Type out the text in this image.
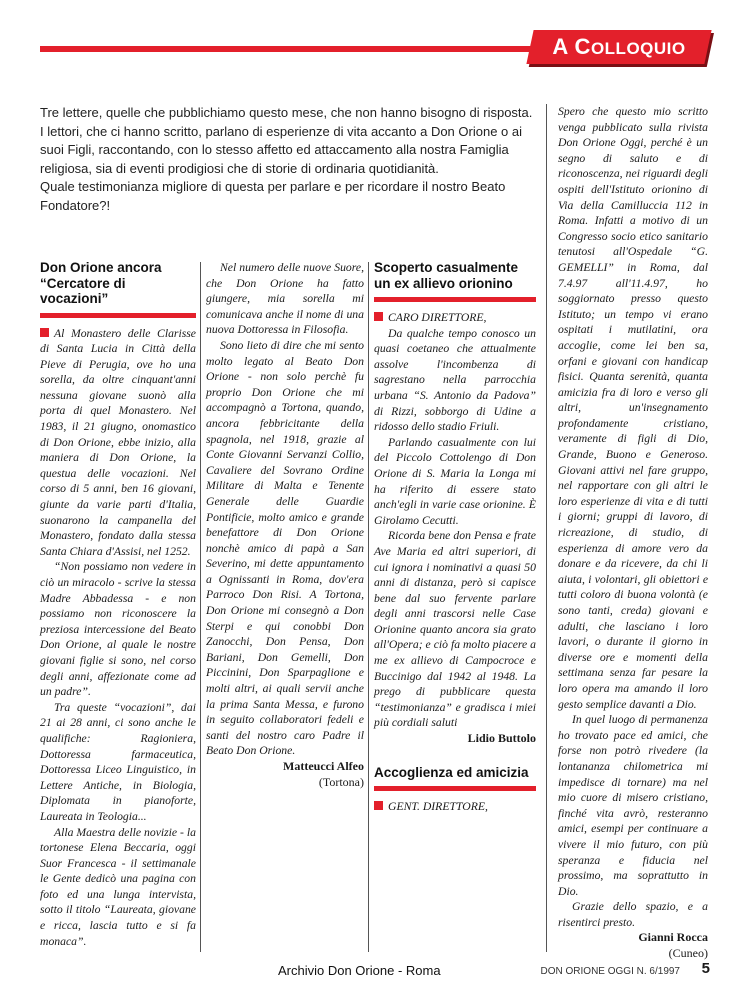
A COLLOQUIO

Tre lettere, quelle che pubblichiamo questo mese, che non hanno bisogno di risposta. I lettori, che ci hanno scritto, parlano di esperienze di vita accanto a Don Orione o ai suoi Figli, raccontando, con lo stesso affetto ed attaccamento alla nostra Famiglia religiosa, sia di eventi prodigiosi che di storie di ordinaria quotidianità.

Quale testimonianza migliore di questa per parlare e per ricordare il nostro Beato Fondatore?!

Don Orione ancora “Cercatore di vocazioni”

Al Monastero delle Clarisse di Santa Lucia in Città della Pieve di Perugia, ove ho una sorella, da oltre cinquant'anni nessuna giovane suonò alla porta di quel Monastero. Nel 1983, il 21 giugno, onomastico di Don Orione, ebbe inizio, alla maniera di Don Orione, la questua delle vocazioni. Nel corso di 5 anni, ben 16 giovani, giunte da varie parti d'Italia, suonarono la campanella del Monastero, fondato dalla stessa Santa Chiara d'Assisi, nel 1252.

“Non possiamo non vedere in ciò un miracolo - scrive la stessa Madre Abbadessa - e non possiamo non riconoscere la preziosa intercessione del Beato Don Orione, al quale le nostre giovani figlie si sono, nel corso degli anni, affezionate come ad un padre”.

Tra queste “vocazioni”, dai 21 ai 28 anni, ci sono anche le qualifiche: Ragioniera, Dottoressa farmaceutica, Dottoressa Liceo Linguistico, in Lettere Antiche, in Biologia, Diplomata in pianoforte, Laureata in Teologia...

Alla Maestra delle novizie - la tortonese Elena Beccaria, oggi Suor Francesca - il settimanale le Gente dedicò una pagina con foto ed una lunga intervista, sotto il titolo “Laureata, giovane e ricca, lascia tutto e si fa monaca”.

Nel numero delle nuove Suore, che Don Orione ha fatto giungere, mia sorella mi comunicava anche il nome di una nuova Dottoressa in Filosofia.

Sono lieto di dire che mi sento molto legato al Beato Don Orione - non solo perchè fu proprio Don Orione che mi accompagnò a Tortona, quando, ancora febbricitante della spagnola, nel 1918, grazie al Conte Giovanni Servanzi Collio, Cavaliere del Sovrano Ordine Militare di Malta e Tenente Generale delle Guardie Pontificie, molto amico e grande benefattore di Don Orione nonchè amico di papà a San Severino, mi dette appuntamento a Ognissanti in Roma, dov'era Parroco Don Risi. A Tortona, Don Orione mi consegnò a Don Sterpi e qui conobbi Don Zanocchi, Don Pensa, Don Bariani, Don Gemelli, Don Piccinini, Don Sparpaglione e molti altri, ai quali servii anche la prima Santa Messa, e furono in seguito collaboratori fedeli e santi del nostro caro Padre il Beato Don Orione.

Matteucci Alfeo
(Tortona)
Scoperto casualmente un ex allievo orionino

CARO DIRETTORE,

Da qualche tempo conosco un quasi coetaneo che attualmente assolve l'incombenza di sagrestano nella parrocchia urbana “S. Antonio da Padova” di Rizzi, sobborgo di Udine a ridosso dello stadio Friuli.

Parlando casualmente con lui del Piccolo Cottolengo di Don Orione di S. Maria la Longa mi ha riferito di essere stato anch'egli in varie case orionine. È Girolamo Cecutti.

Ricorda bene don Pensa e frate Ave Maria ed altri superiori, di cui ignora i nominativi a quasi 50 anni di distanza, però si capisce bene dal suo fervente parlare degli anni trascorsi nelle Case Orionine quanto ancora sia grato all'Opera; e ciò fa molto piacere a me ex allievo di Campocroce e Buccinigo dal 1942 al 1948. La prego di pubblicare questa “testimonianza” e gradisca i miei più cordiali saluti

Lidio Buttolo
Accoglienza ed amicizia

GENT. DIRETTORE,

Spero che questo mio scritto venga pubblicato sulla rivista Don Orione Oggi, perché è un segno di saluto e di riconoscenza, nei riguardi degli ospiti dell'Istituto orionino di Via della Camilluccia 112 in Roma. Infatti a motivo di un Congresso socio etico sanitario tenutosi all'Ospedale “G. GEMELLI” in Roma, dal 7.4.97 all'11.4.97, ho soggiornato presso questo Istituto; un tempo vi erano ospitati i mutilatini, ora accoglie, come lei ben sa, orfani e giovani con handicap fisici. Quanta serenità, quanta amicizia fra di loro e verso gli altri, un'insegnamento profondamente cristiano, veramente di figli di Dio, Grande, Buono e Generoso. Giovani attivi nel fare gruppo, nel rapportare con gli altri le loro esperienze di vita e di tutti i giorni; gruppi di lavoro, di ricreazione, di studio, di esperienza di amore vero da donare e da ricevere, da chi li aiuta, i volontari, gli obiettori e tutti coloro di buona volontà (e sono tanti, creda) giovani e adulti, che lasciano i loro lavori, o durante il giorno in diverse ore e momenti della settimana senza far pesare la loro opera ma amando il loro gesto semplice davanti a Dio.

In quel luogo di permanenza ho trovato pace ed amici, che forse non potrò rivedere (la lontananza chilometrica mi impedisce di tornare) ma nel mio cuore di misero cristiano, finché vita avrò, resteranno amici, esempi per continuare a vivere il mio futuro, con più speranza e fiducia nel prossimo, ma soprattutto in Dio.

Grazie dello spazio, e a risentirci presto.

Gianni Rocca
(Cuneo)
Archivio Don Orione - Roma	DON ORIONE OGGI N. 6/1997 5
